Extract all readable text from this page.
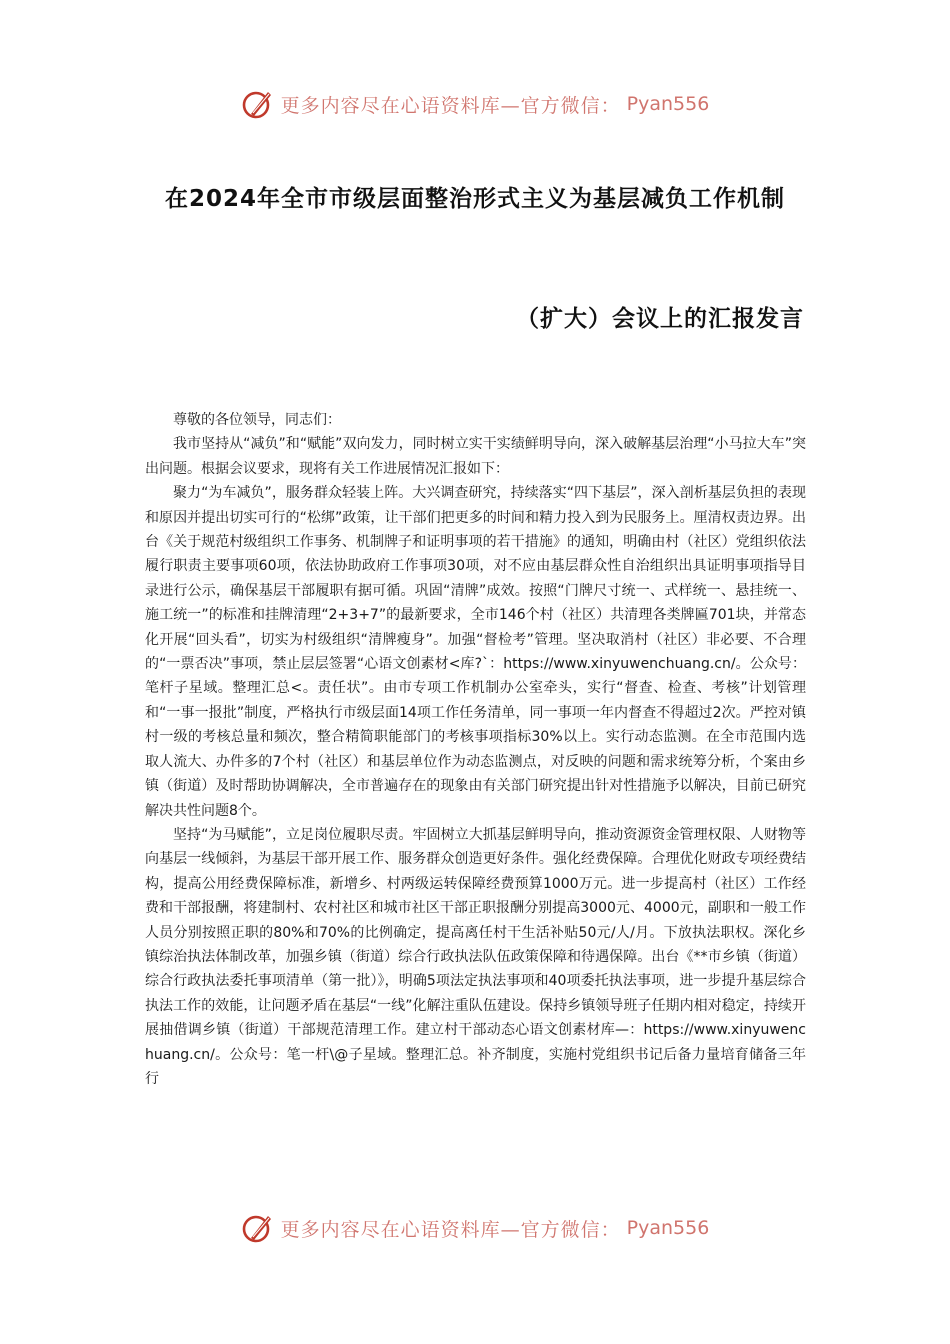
更多内容尽在心语资料库—官方微信： Pyan556
在2024年全市市级层面整治形式主义为基层减负工作机制
（扩大）会议上的汇报发言

尊敬的各位领导，同志们：

我市坚持从“减负”和“赋能”双向发力，同时树立实干实绩鲜明导向，深入破解基层治理“小马拉大车”突出问题。根据会议要求，现将有关工作进展情况汇报如下：

聚力“为车减负”，服务群众轻装上阵。大兴调查研究，持续落实“四下基层”，深入剖析基层负担的表现和原因并提出切实可行的“松绑”政策，让干部们把更多的时间和精力投入到为民服务上。厘清权责边界。出台《关于规范村级组织工作事务、机制牌子和证明事项的若干措施》的通知，明确由村（社区）党组织依法履行职责主要事项60项，依法协助政府工作事项30项，对不应由基层群众性自治组织出具证明事项指导目录进行公示，确保基层干部履职有据可循。巩固“清牌”成效。按照“门牌尺寸统一、式样统一、悬挂统一、施工统一”的标准和挂牌清理“2+3+7”的最新要求，全市146个村（社区）共清理各类牌匾701块，并常态化开展“回头看”，切实为村级组织“清牌瘦身”。加强“督检考”管理。坚决取消村（社区）非必要、不合理的“一票否决”事项，禁止层层签署“心语文创素材<库?`：https://www.xinyuwenchuang.cn/。公众号：笔杆子星域。整理汇总<。责任状”。由市专项工作机制办公室牵头，实行“督查、检查、考核”计划管理和“一事一报批”制度，严格执行市级层面14项工作任务清单，同一事项一年内督查不得超过2次。严控对镇村一级的考核总量和频次，整合精简职能部门的考核事项指标30%以上。实行动态监测。在全市范围内选取人流大、办件多的7个村（社区）和基层单位作为动态监测点，对反映的问题和需求统筹分析，个案由乡镇（街道）及时帮助协调解决，全市普遍存在的现象由有关部门研究提出针对性措施予以解决，目前已研究解决共性问题8个。

坚持“为马赋能”，立足岗位履职尽责。牢固树立大抓基层鲜明导向，推动资源资金管理权限、人财物等向基层一线倾斜，为基层干部开展工作、服务群众创造更好条件。强化经费保障。合理优化财政专项经费结构，提高公用经费保障标准，新增乡、村两级运转保障经费预算1000万元。进一步提高村（社区）工作经费和干部报酬，将建制村、农村社区和城市社区干部正职报酬分别提高3000元、4000元，副职和一般工作人员分别按照正职的80%和70%的比例确定，提高离任村干生活补贴50元/人/月。下放执法职权。深化乡镇综治执法体制改革，加强乡镇（街道）综合行政执法队伍政策保障和待遇保障。出台《**市乡镇（街道）综合行政执法委托事项清单（第一批）》，明确5项法定执法事项和40项委托执法事项，进一步提升基层综合执法工作的效能，让问题矛盾在基层“一线”化解注重队伍建设。保持乡镇领导班子任期内相对稳定，持续开展抽借调乡镇（街道）干部规范清理工作。建立村干部动态心语文创素材库—：https://www.xinyuwenchuang.cn/。公众号：笔一杆\@子星域。整理汇总。补齐制度，实施村党组织书记后备力量培育储备三年行

更多内容尽在心语资料库—官方微信： Pyan556
